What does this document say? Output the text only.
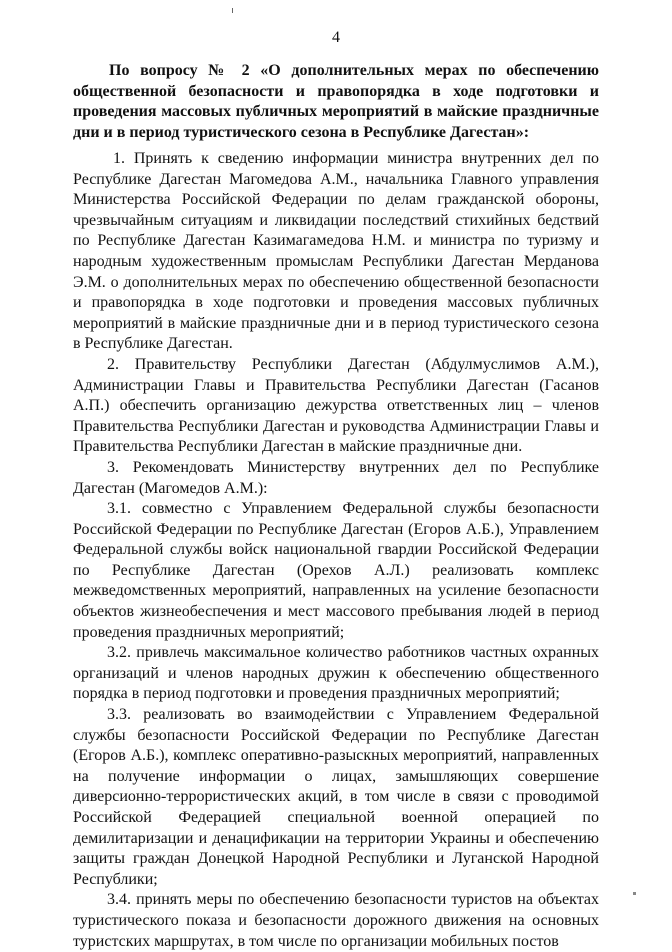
4
По вопросу № 2 «О дополнительных мерах по обеспечению общественной безопасности и правопорядка в ходе подготовки и проведения массовых публичных мероприятий в майские праздничные дни и в период туристического сезона в Республике Дагестан»:

1. Принять к сведению информации министра внутренних дел по Республике Дагестан Магомедова А.М., начальника Главного управления Министерства Российской Федерации по делам гражданской обороны, чрезвычайным ситуациям и ликвидации последствий стихийных бедствий по Республике Дагестан Казимагамедова Н.М. и министра по туризму и народным художественным промыслам Республики Дагестан Мерданова Э.М. о дополнительных мерах по обеспечению общественной безопасности и правопорядка в ходе подготовки и проведения массовых публичных мероприятий в майские праздничные дни и в период туристического сезона в Республике Дагестан.

2. Правительству Республики Дагестан (Абдулмуслимов А.М.), Администрации Главы и Правительства Республики Дагестан (Гасанов А.П.) обеспечить организацию дежурства ответственных лиц – членов Правительства Республики Дагестан и руководства Администрации Главы и Правительства Республики Дагестан в майские праздничные дни.

3. Рекомендовать Министерству внутренних дел по Республике Дагестан (Магомедов А.М.):

3.1. совместно с Управлением Федеральной службы безопасности Российской Федерации по Республике Дагестан (Егоров А.Б.), Управлением Федеральной службы войск национальной гвардии Российской Федерации по Республике Дагестан (Орехов А.Л.) реализовать комплекс межведомственных мероприятий, направленных на усиление безопасности объектов жизнеобеспечения и мест массового пребывания людей в период проведения праздничных мероприятий;

3.2. привлечь максимальное количество работников частных охранных организаций и членов народных дружин к обеспечению общественного порядка в период подготовки и проведения праздничных мероприятий;

3.3. реализовать во взаимодействии с Управлением Федеральной службы безопасности Российской Федерации по Республике Дагестан (Егоров А.Б.), комплекс оперативно-разыскных мероприятий, направленных на получение информации о лицах, замышляющих совершение диверсионно-террористических акций, в том числе в связи с проводимой Российской Федерацией специальной военной операцией по демилитаризации и денацификации на территории Украины и обеспечению защиты граждан Донецкой Народной Республики и Луганской Народной Республики;

3.4. принять меры по обеспечению безопасности туристов на объектах туристического показа и безопасности дорожного движения на основных туристских маршрутах, в том числе по организации мобильных постов
